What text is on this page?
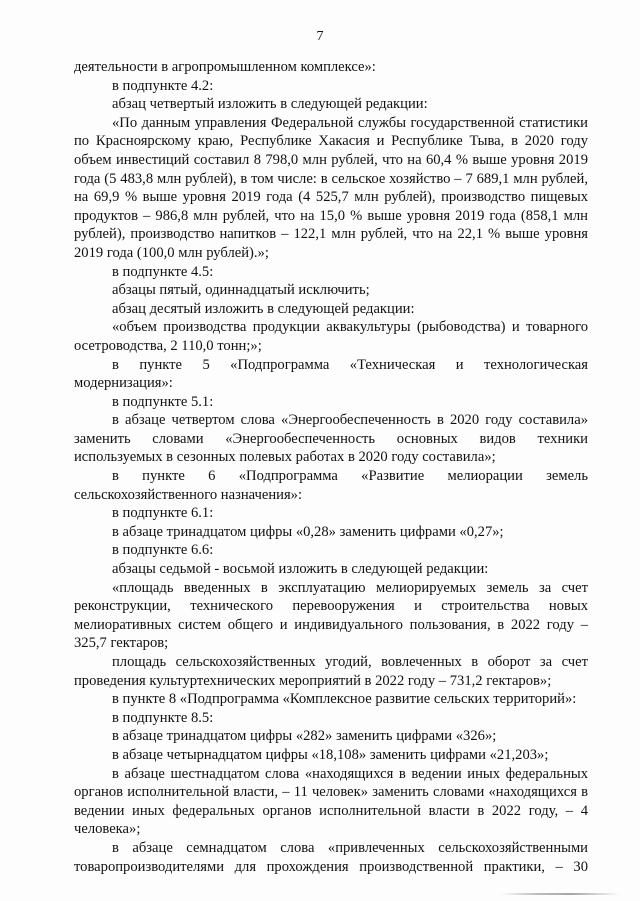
7

деятельности в агропромышленном комплексе»:

в подпункте 4.2:

абзац четвертый изложить в следующей редакции:

«По данным управления Федеральной службы государственной статистики по Красноярскому краю, Республике Хакасия и Республике Тыва, в 2020 году объем инвестиций составил 8 798,0 млн рублей, что на 60,4 % выше уровня 2019 года (5 483,8 млн рублей), в том числе: в сельское хозяйство – 7 689,1 млн рублей, на 69,9 % выше уровня 2019 года (4 525,7 млн рублей), производство пищевых продуктов – 986,8 млн рублей, что на 15,0 % выше уровня 2019 года (858,1 млн рублей), производство напитков – 122,1 млн рублей, что на 22,1 % выше уровня 2019 года (100,0 млн рублей).»;

в подпункте 4.5:

абзацы пятый, одиннадцатый исключить;

абзац десятый изложить в следующей редакции:

«объем производства продукции аквакультуры (рыбоводства) и товарного осетроводства, 2 110,0 тонн;»;

в пункте 5 «Подпрограмма «Техническая и технологическая модернизация»:

в подпункте 5.1:

в абзаце четвертом слова «Энергообеспеченность в 2020 году составила» заменить словами «Энергообеспеченность основных видов техники используемых в сезонных полевых работах в 2020 году составила»;

в пункте 6 «Подпрограмма «Развитие мелиорации земель сельскохозяйственного назначения»:

в подпункте 6.1:

в абзаце тринадцатом цифры «0,28» заменить цифрами «0,27»;

в подпункте 6.6:

абзацы седьмой - восьмой изложить в следующей редакции:

«площадь введенных в эксплуатацию мелиорируемых земель за счет реконструкции, технического перевооружения и строительства новых мелиоративных систем общего и индивидуального пользования, в 2022 году – 325,7 гектаров;

площадь сельскохозяйственных угодий, вовлеченных в оборот за счет проведения культуртехнических мероприятий в 2022 году – 731,2 гектаров»;

в пункте 8 «Подпрограмма «Комплексное развитие сельских территорий»:

в подпункте 8.5:

в абзаце тринадцатом цифры «282» заменить цифрами «326»;

в абзаце четырнадцатом цифры «18,108» заменить цифрами «21,203»;

в абзаце шестнадцатом слова «находящихся в ведении иных федеральных органов исполнительной власти, – 11 человек» заменить словами «находящихся в ведении иных федеральных органов исполнительной власти в 2022 году, – 4 человека»;

в абзаце семнадцатом слова «привлеченных сельскохозяйственными товаропроизводителями для прохождения производственной практики, – 30
